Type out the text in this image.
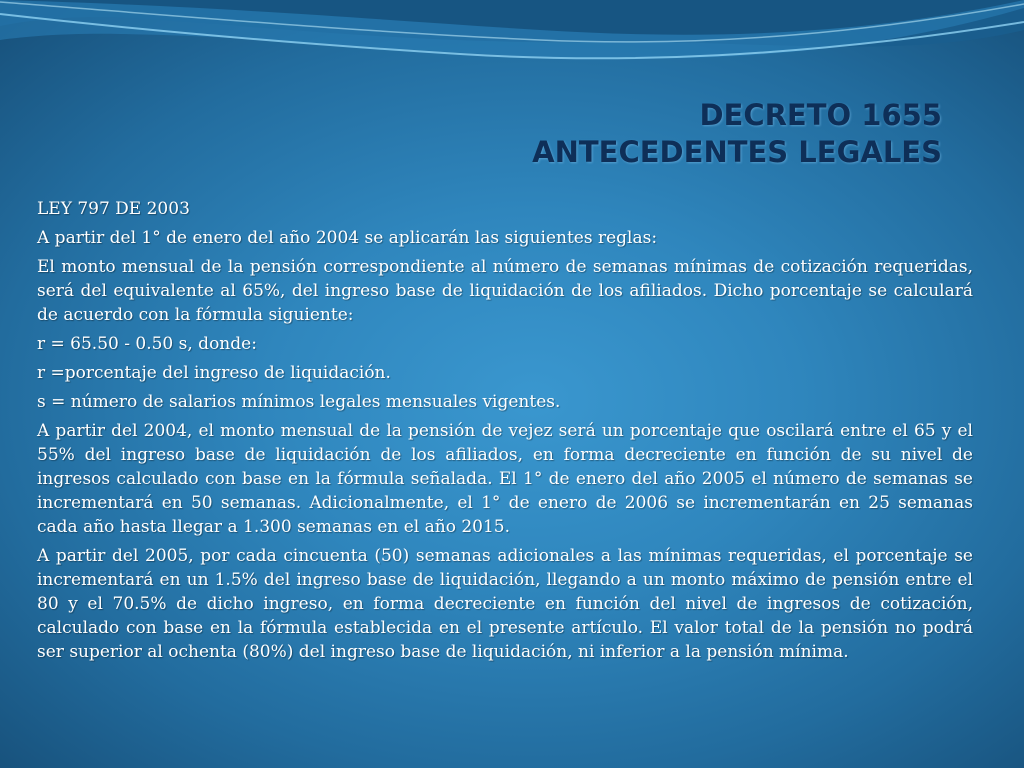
DECRETO 1655
ANTECEDENTES LEGALES

LEY 797 DE 2003

A partir del 1° de enero del año 2004 se aplicarán las siguientes reglas:

El monto mensual de la pensión correspondiente al número de semanas mínimas de cotización requeridas, será del equivalente al 65%, del ingreso base de liquidación de los afiliados. Dicho porcentaje se calculará de acuerdo con la fórmula siguiente:

r = 65.50 - 0.50 s, donde:

r =porcentaje del ingreso de liquidación.

s = número de salarios mínimos legales mensuales vigentes.

A partir del 2004, el monto mensual de la pensión de vejez será un porcentaje que oscilará entre el 65 y el 55% del ingreso base de liquidación de los afiliados, en forma decreciente en función de su nivel de ingresos calculado con base en la fórmula señalada. El 1° de enero del año 2005 el número de semanas se incrementará en 50 semanas. Adicionalmente, el 1° de enero de 2006 se incrementarán en 25 semanas cada año hasta llegar a 1.300 semanas en el año 2015.

A partir del 2005, por cada cincuenta (50) semanas adicionales a las mínimas requeridas, el porcentaje se incrementará en un 1.5% del ingreso base de liquidación, llegando a un monto máximo de pensión entre el 80 y el 70.5% de dicho ingreso, en forma decreciente en función del nivel de ingresos de cotización, calculado con base en la fórmula establecida en el presente artículo. El valor total de la pensión no podrá ser superior al ochenta (80%) del ingreso base de liquidación, ni inferior a la pensión mínima.
